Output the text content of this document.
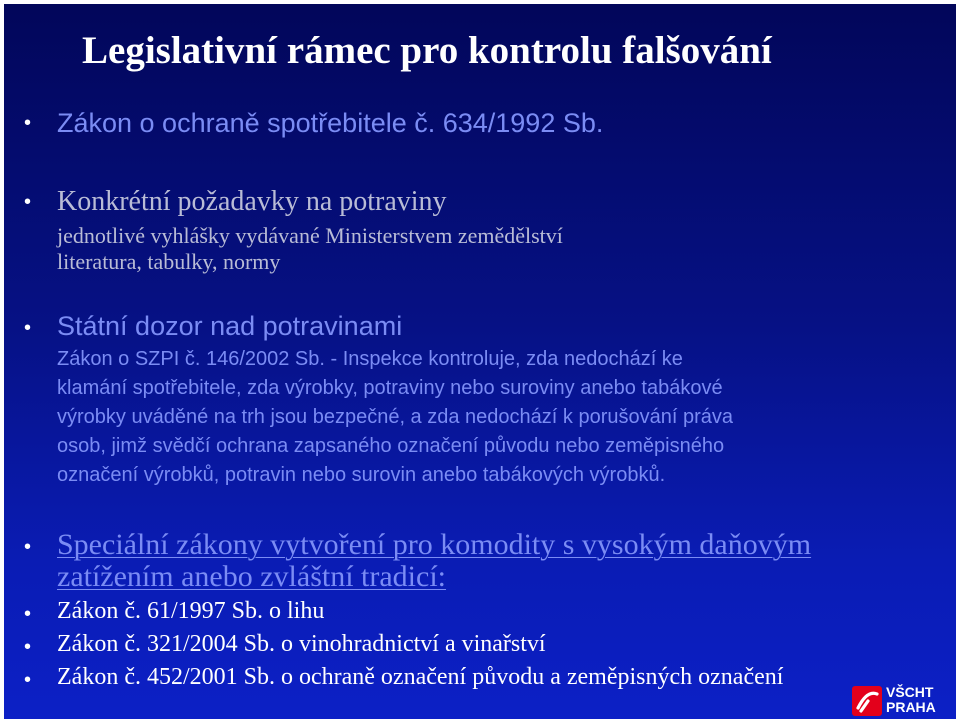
Legislativní rámec pro kontrolu falšování
• Zákon o ochraně spotřebitele č. 634/1992 Sb.
• Konkrétní požadavky na potraviny
jednotlivé vyhlášky vydávané Ministerstvem zemědělství
literatura, tabulky, normy
• Státní dozor nad potravinami
Zákon o SZPI č. 146/2002 Sb. - Inspekce kontroluje, zda nedochází ke
klamání spotřebitele, zda výrobky, potraviny nebo suroviny anebo tabákové
výrobky uváděné na trh jsou bezpečné, a zda nedochází k porušování práva
osob, jimž svědčí ochrana zapsaného označení původu nebo zeměpisného
označení výrobků, potravin nebo surovin anebo tabákových výrobků.
• Speciální zákony vytvoření pro komodity s vysokým daňovým
zatížením anebo zvláštní tradicí:
• Zákon č. 61/1997 Sb. o lihu
• Zákon č. 321/2004 Sb. o vinohradnictví a vinařství
• Zákon č. 452/2001 Sb. o ochraně označení původu a zeměpisných označení
VŠCHT
PRAHA
